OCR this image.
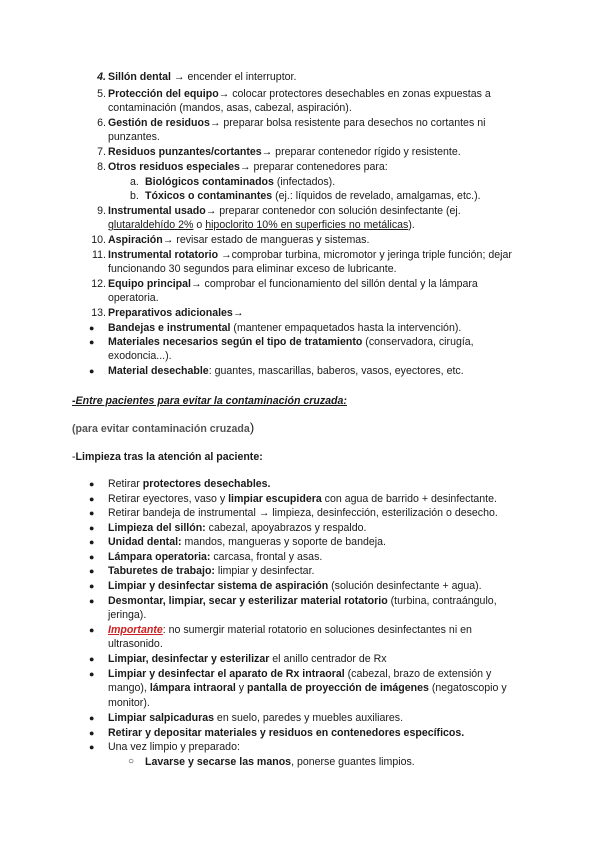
4. Sillón dental → encender el interruptor.
5. Protección del equipo→ colocar protectores desechables en zonas expuestas a contaminación (mandos, asas, cabezal, aspiración).
6. Gestión de residuos→ preparar bolsa resistente para desechos no cortantes ni punzantes.
7. Residuos punzantes/cortantes→ preparar contenedor rígido y resistente.
8. Otros residuos especiales→ preparar contenedores para:
a. Biológicos contaminados (infectados).
b. Tóxicos o contaminantes (ej.: líquidos de revelado, amalgamas, etc.).
9. Instrumental usado→ preparar contenedor con solución desinfectante (ej. glutaraldehído 2% o hipoclorito 10% en superficies no metálicas).
10. Aspiración→ revisar estado de mangueras y sistemas.
11. Instrumental rotatorio →comprobar turbina, micromotor y jeringa triple función; dejar funcionando 30 segundos para eliminar exceso de lubricante.
12. Equipo principal→ comprobar el funcionamiento del sillón dental y la lámpara operatoria.
13. Preparativos adicionales→
● Bandejas e instrumental (mantener empaquetados hasta la intervención).
● Materiales necesarios según el tipo de tratamiento (conservadora, cirugía, exodoncia...).
● Material desechable: guantes, mascarillas, baberos, vasos, eyectores, etc.
-Entre pacientes para evitar la contaminación cruzada:
(para evitar contaminación cruzada)
-Limpieza tras la atención al paciente:
● Retirar protectores desechables.
● Retirar eyectores, vaso y limpiar escupidera con agua de barrido + desinfectante.
● Retirar bandeja de instrumental → limpieza, desinfección, esterilización o desecho.
● Limpieza del sillón: cabezal, apoyabrazos y respaldo.
● Unidad dental: mandos, mangueras y soporte de bandeja.
● Lámpara operatoria: carcasa, frontal y asas.
● Taburetes de trabajo: limpiar y desinfectar.
● Limpiar y desinfectar sistema de aspiración (solución desinfectante + agua).
● Desmontar, limpiar, secar y esterilizar material rotatorio (turbina, contraángulo, jeringa).
● Importante: no sumergir material rotatorio en soluciones desinfectantes ni en ultrasonido.
● Limpiar, desinfectar y esterilizar el anillo centrador de Rx
● Limpiar y desinfectar el aparato de Rx intraoral (cabezal, brazo de extensión y mango), lámpara intraoral y pantalla de proyección de imágenes (negatoscopio y monitor).
● Limpiar salpicaduras en suelo, paredes y muebles auxiliares.
● Retirar y depositar materiales y residuos en contenedores específicos.
● Una vez limpio y preparado:
○ Lavarse y secarse las manos, ponerse guantes limpios.
